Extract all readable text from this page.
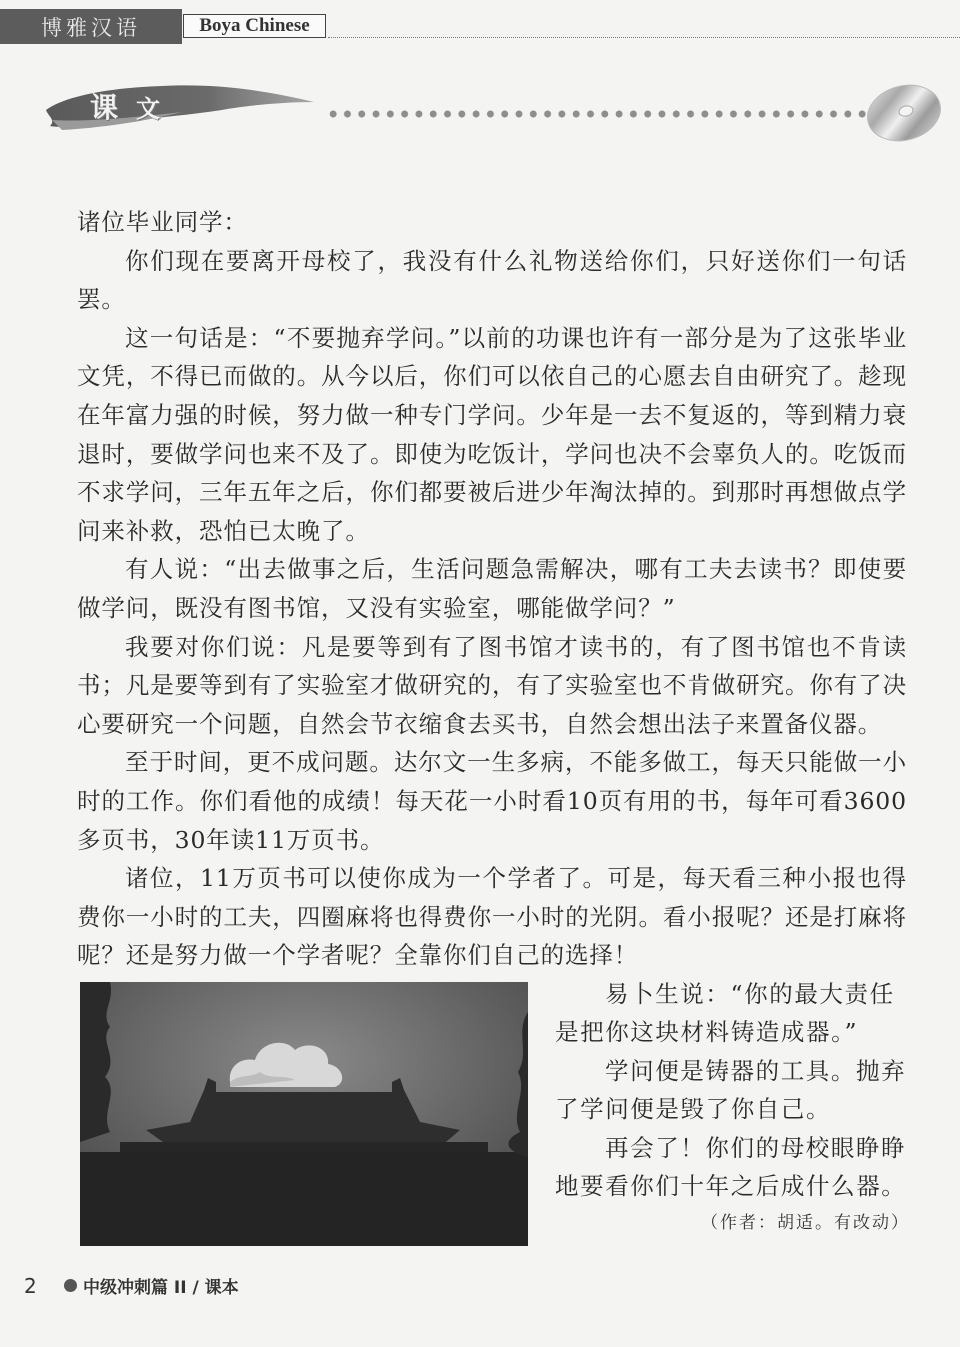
博雅汉语	Boya Chinese
课 文

诸位毕业同学：

你们现在要离开母校了，我没有什么礼物送给你们，只好送你们一句话罢。

这一句话是：“不要抛弃学问。”以前的功课也许有一部分是为了这张毕业文凭，不得已而做的。从今以后，你们可以依自己的心愿去自由研究了。趁现在年富力强的时候，努力做一种专门学问。少年是一去不复返的，等到精力衰退时，要做学问也来不及了。即使为吃饭计，学问也决不会辜负人的。吃饭而不求学问，三年五年之后，你们都要被后进少年淘汰掉的。到那时再想做点学问来补救，恐怕已太晚了。

有人说：“出去做事之后，生活问题急需解决，哪有工夫去读书？即使要做学问，既没有图书馆，又没有实验室，哪能做学问？”

我要对你们说：凡是要等到有了图书馆才读书的，有了图书馆也不肯读书；凡是要等到有了实验室才做研究的，有了实验室也不肯做研究。你有了决心要研究一个问题，自然会节衣缩食去买书，自然会想出法子来置备仪器。

至于时间，更不成问题。达尔文一生多病，不能多做工，每天只能做一小时的工作。你们看他的成绩！每天花一小时看10页有用的书，每年可看3600多页书，30年读11万页书。

诸位，11万页书可以使你成为一个学者了。可是，每天看三种小报也得费你一小时的工夫，四圈麻将也得费你一小时的光阴。看小报呢？还是打麻将呢？还是努力做一个学者呢？全靠你们自己的选择！

易卜生说：“你的最大责任是把你这块材料铸造成器。”

学问便是铸器的工具。抛弃了学问便是毁了你自己。

再会了！你们的母校眼睁睁地要看你们十年之后成什么器。

（作者：胡适。有改动）
2	中级冲刺篇 II / 课本
